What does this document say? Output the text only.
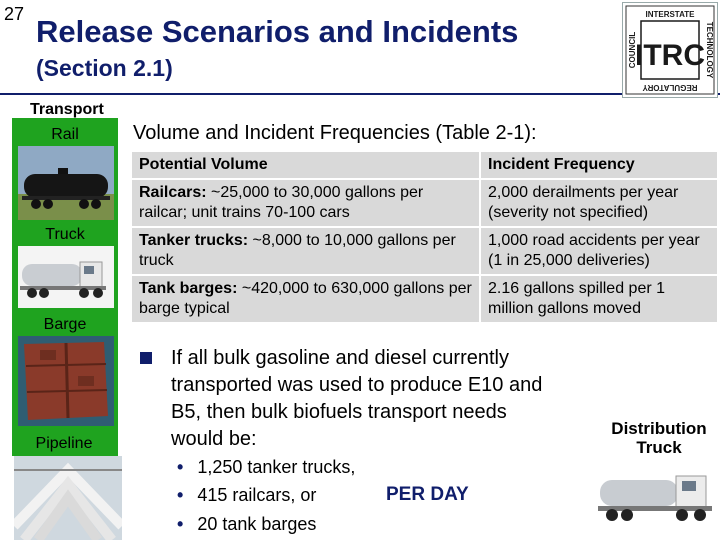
27 Release Scenarios and Incidents
(Section 2.1)
INTERSTATE
REGULATORY
COUNCIL	TECHNOLOGY
ITRC
Transport
Rail
Truck
Barge
Pipeline
Volume and Incident Frequencies (Table 2-1):
Potential Volume	Incident Frequency
Railcars: ~25,000 to 30,000 gallons per railcar; unit trains 70-100 cars	2,000 derailments per year (severity not specified)
Tanker trucks: ~8,000 to 10,000 gallons per truck	1,000 road accidents per year (1 in 25,000 deliveries)
Tank barges: ~420,000 to 630,000 gallons per barge typical	2.16 gallons spilled per 1 million gallons moved
If all bulk gasoline and diesel currently transported was used to produce E10 and B5, then bulk biofuels transport needs would be:
• 1,250 tanker trucks,
• 415 railcars, or
• 20 tank barges
PER DAY
Distribution Truck
